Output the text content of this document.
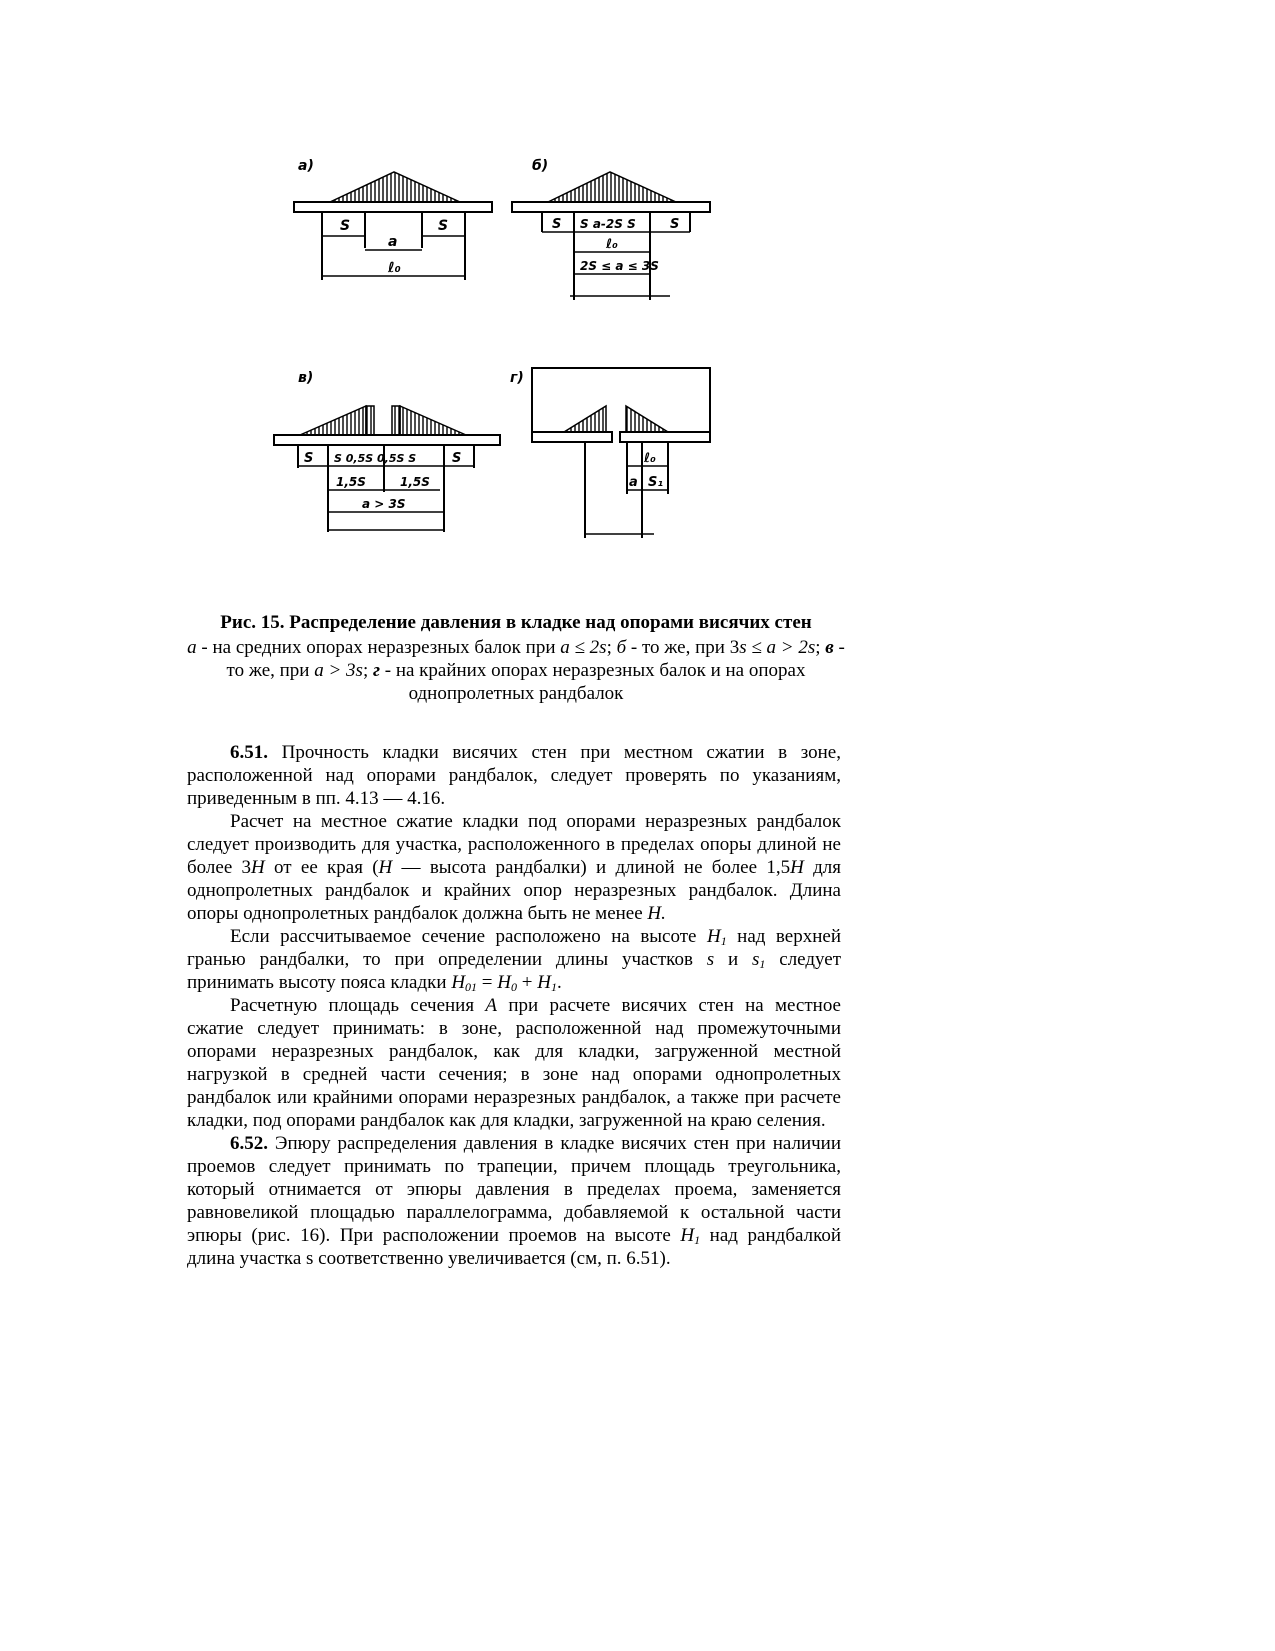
а)
S	S
a
ℓ₀
б)
S S a-2S S	S
ℓ₀
2S ≤ a ≤ 3S
в)
S S 0,5S 0,5S S	S
1,5S	1,5S
a > 3S
г)
ℓ₀
a S₁
Рис. 15. Распределение давления в кладке над опорами висячих стен
а - на средних опорах неразрезных балок при а ≤ 2s; б - то же, при 3s ≤ а > 2s; в - то же, при а > 3s; г - на крайних опорах неразрезных балок и на опорах однопролетных рандбалок

6.51. Прочность кладки висячих стен при местном сжатии в зоне, расположенной над опорами рандбалок, следует проверять по указаниям, приведенным в пп. 4.13 — 4.16.

Расчет на местное сжатие кладки под опорами неразрезных рандбалок следует производить для участка, расположенного в пределах опоры длиной не более 3Н от ее края (Н — высота рандбалки) и длиной не более 1,5Н для однопролетных рандбалок и крайних опор неразрезных рандбалок. Длина опоры однопролетных рандбалок должна быть не менее Н.

Если рассчитываемое сечение расположено на высоте $Н_1$ над верхней гранью рандбалки, то при определении длины участков s и $s_1$ следует принимать высоту пояса кладки $Н_{01} = Н_0 + Н_1$.

Расчетную площадь сечения А при расчете висячих стен на местное сжатие следует принимать: в зоне, расположенной над промежуточными опорами неразрезных рандбалок, как для кладки, загруженной местной нагрузкой в средней части сечения; в зоне над опорами однопролетных рандбалок или крайними опорами неразрезных рандбалок, а также при расчете кладки, под опорами рандбалок как для кладки, загруженной на краю селения.

6.52. Эпюру распределения давления в кладке висячих стен при наличии проемов следует принимать по трапеции, причем площадь треугольника, который отнимается от эпюры давления в пределах проема, заменяется равновеликой площадью параллелограмма, добавляемой к остальной части эпюры (рис. 16). При расположении проемов на высоте $Н_1$ над рандбалкой длина участка s соответственно увеличивается (см, п. 6.51).
